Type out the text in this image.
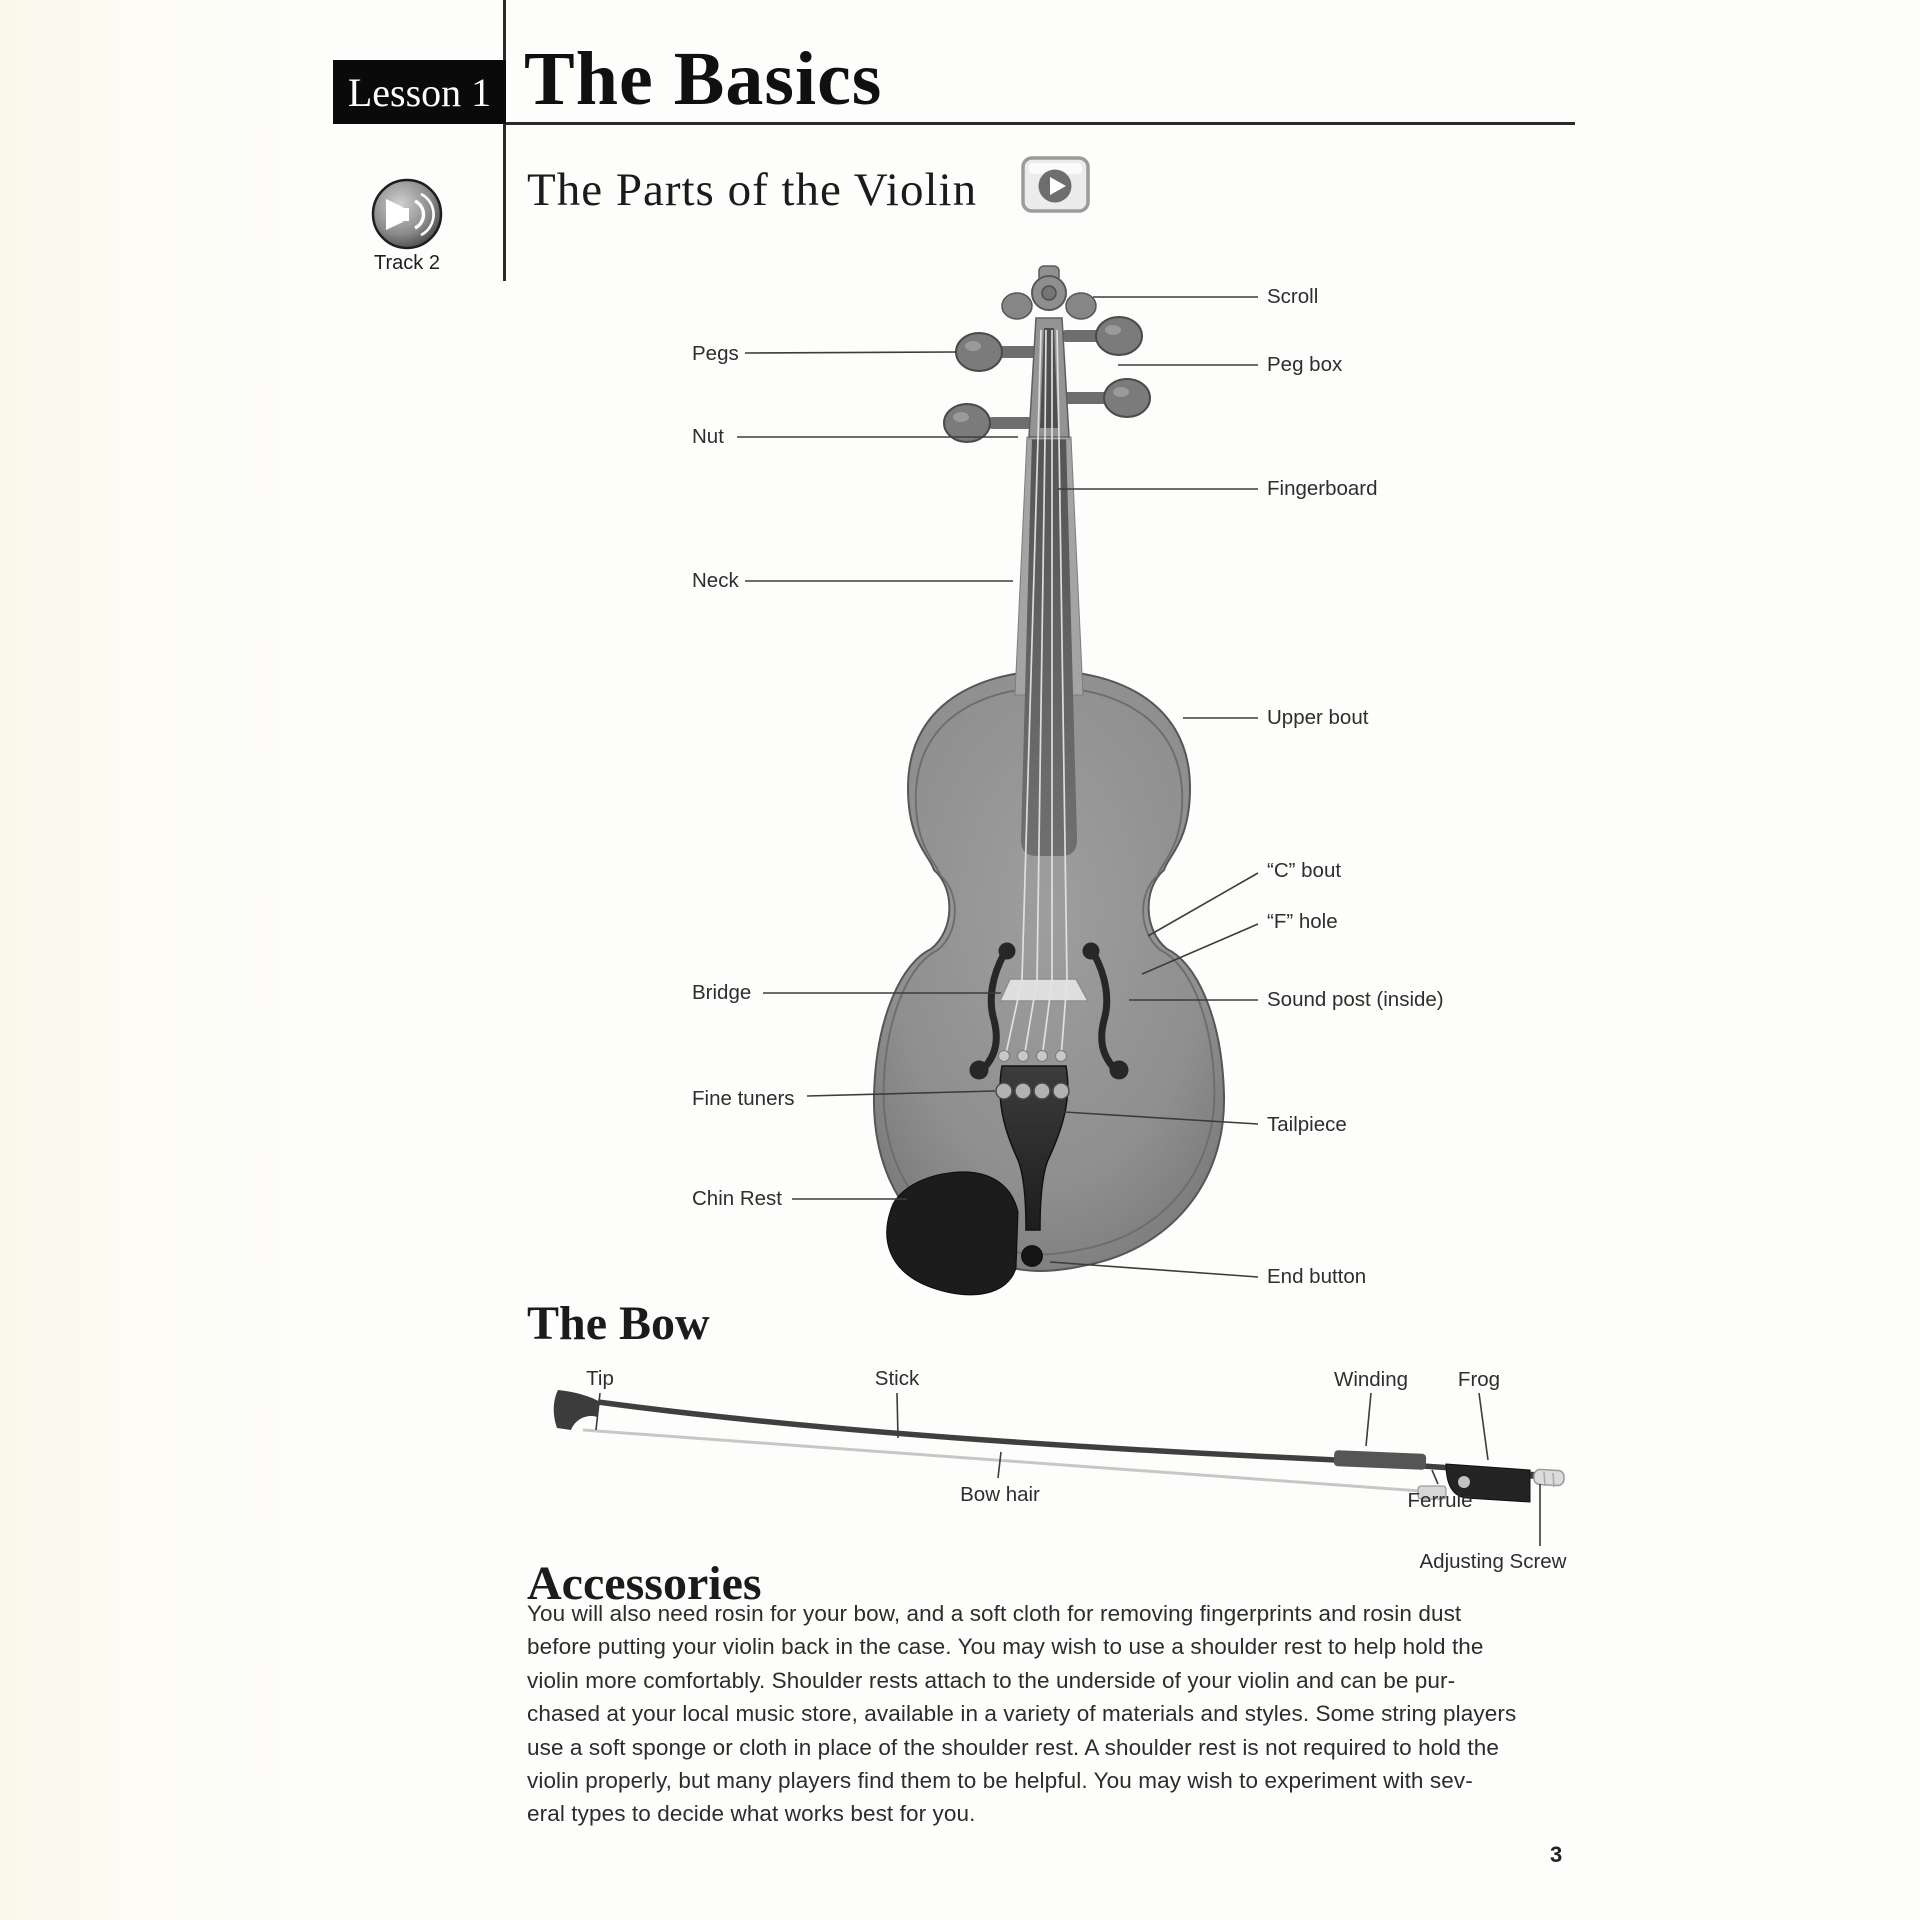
Lesson 1 The Basics
Track 2
The Parts of the Violin
Pegs
Nut
Neck
Bridge
Fine tuners
Chin Rest
Scroll
Peg box
Fingerboard
Upper bout
“C” bout
“F” hole
Sound post (inside)
Tailpiece
End button
The Bow
Tip	Stick	Winding Frog
Bow hair	Ferrule
Adjusting Screw
Accessories
You will also need rosin for your bow, and a soft cloth for removing fingerprints and rosin dust
before putting your violin back in the case. You may wish to use a shoulder rest to help hold the
violin more comfortably. Shoulder rests attach to the underside of your violin and can be pur-
chased at your local music store, available in a variety of materials and styles. Some string players
use a soft sponge or cloth in place of the shoulder rest. A shoulder rest is not required to hold the
violin properly, but many players find them to be helpful. You may wish to experiment with sev-
eral types to decide what works best for you.
3
